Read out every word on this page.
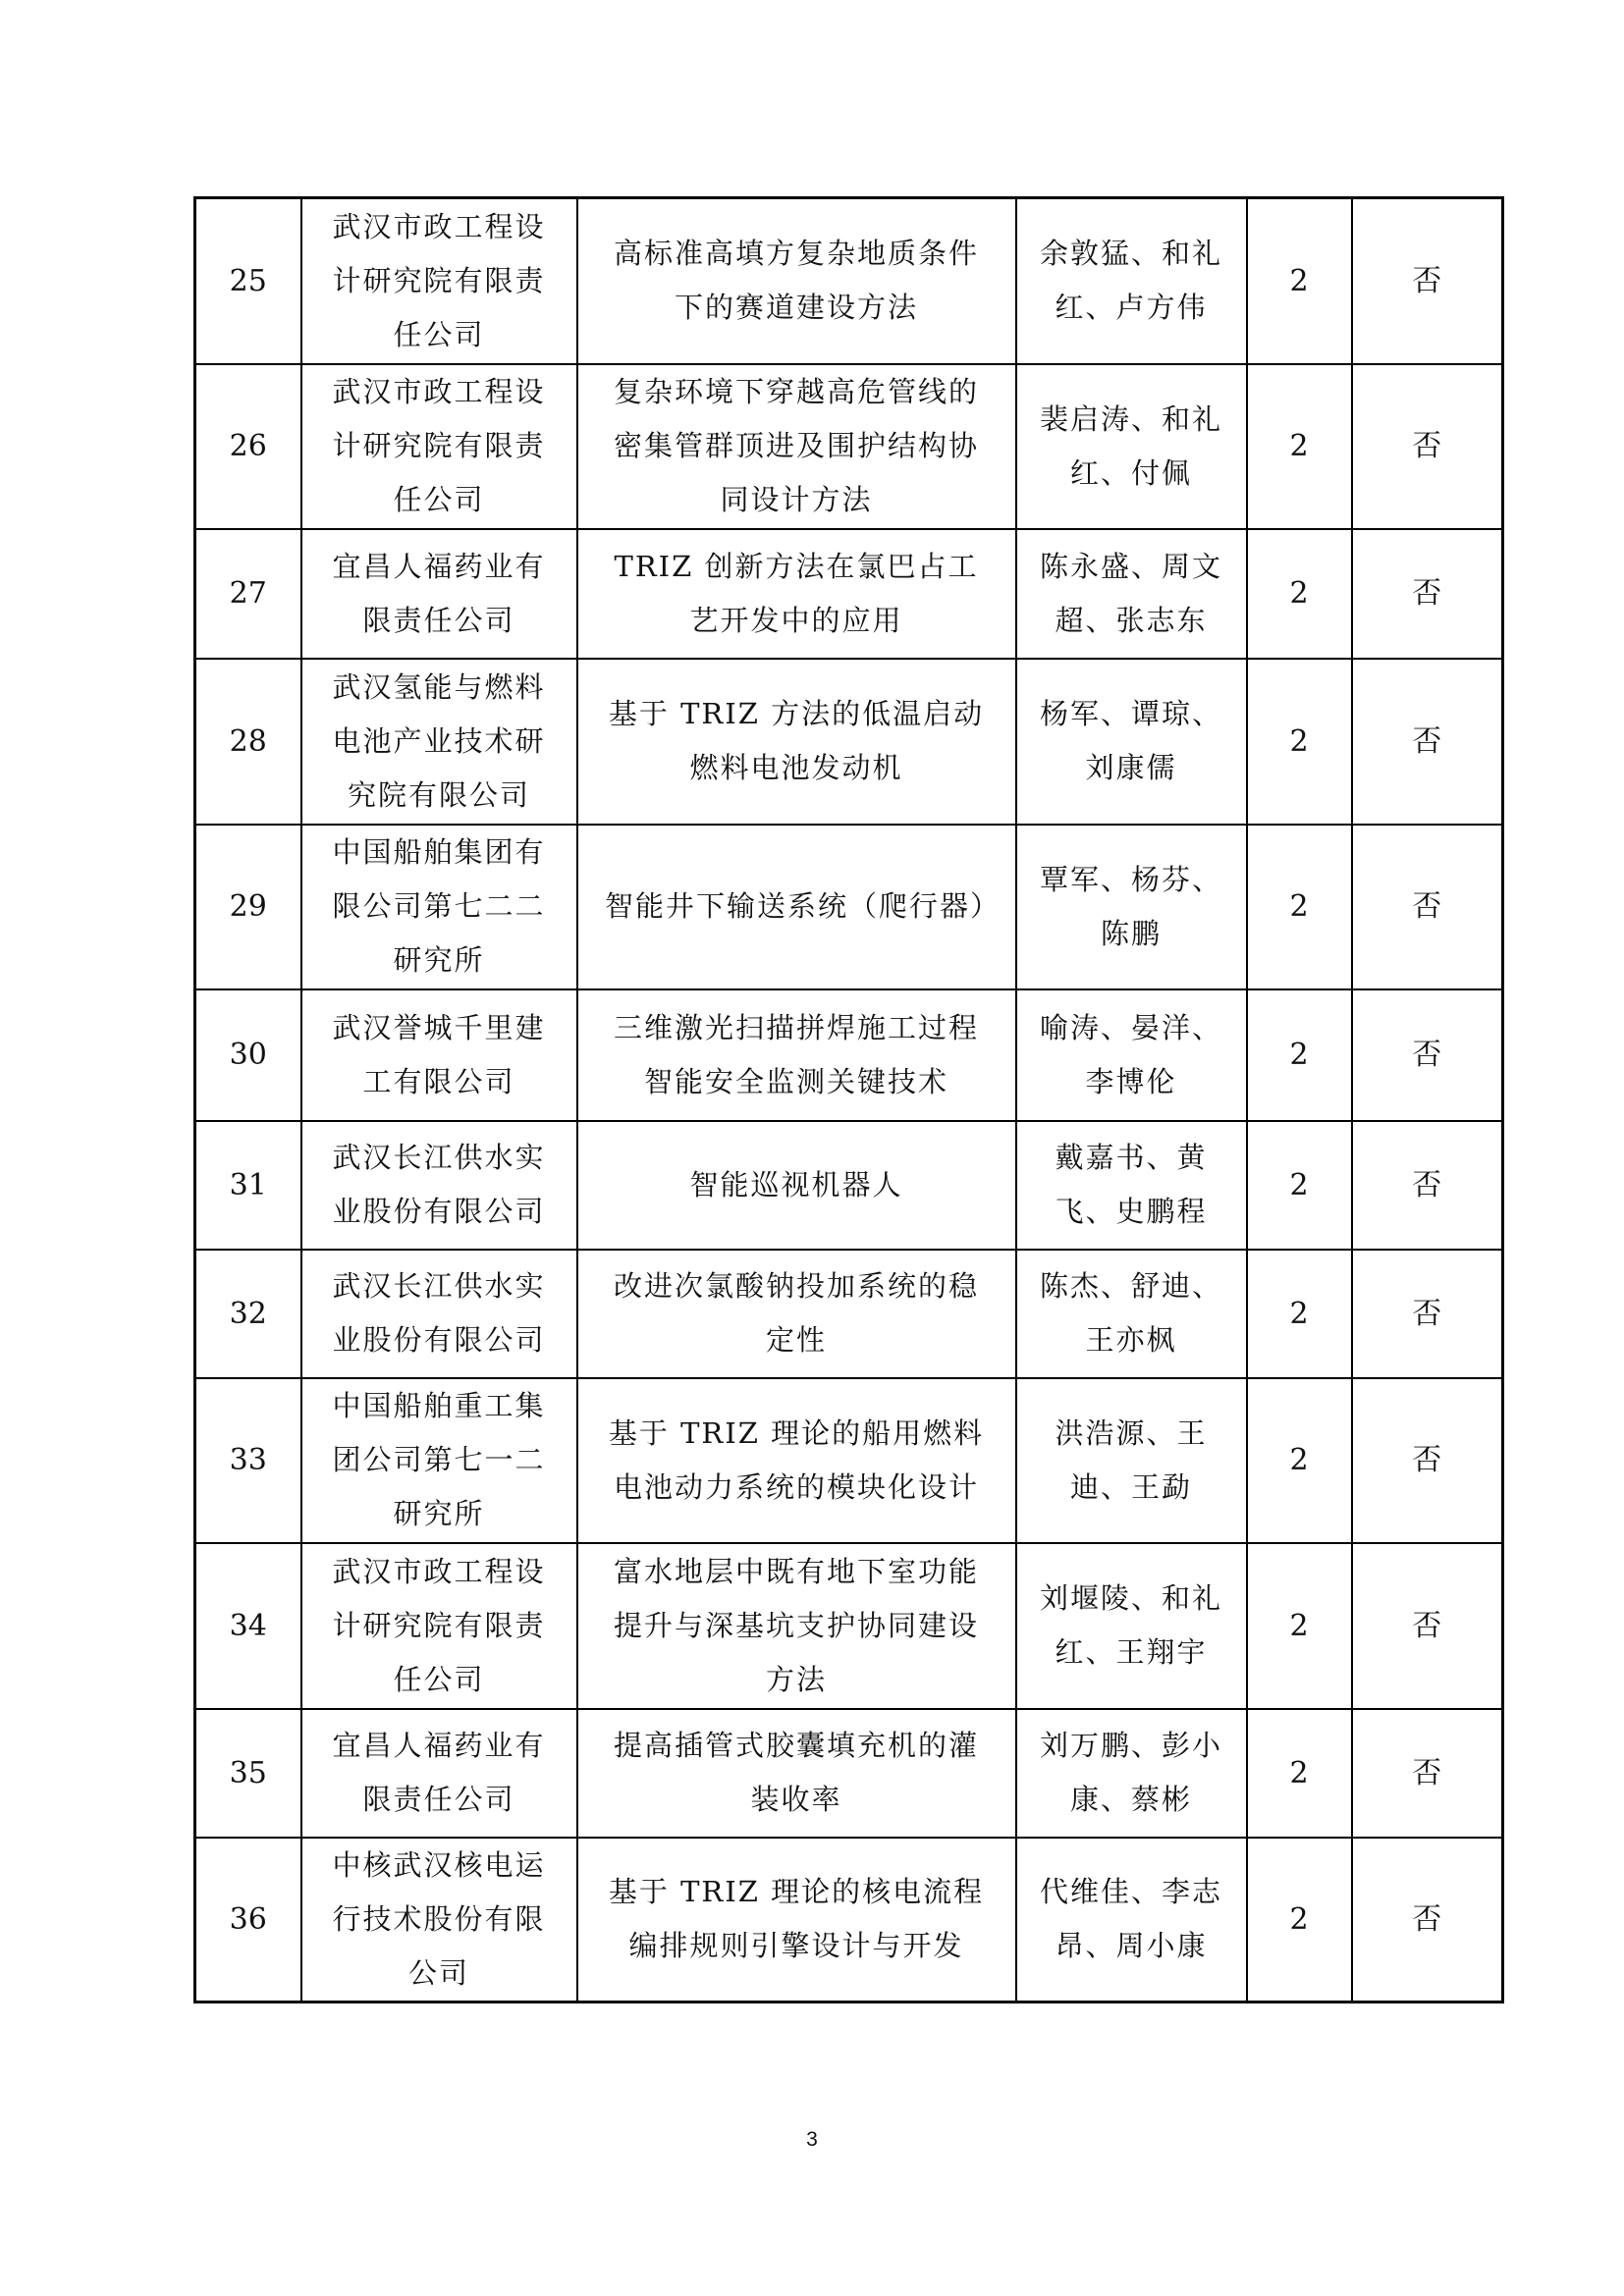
25	武汉市政工程设计研究院有限责任公司	高标准高填方复杂地质条件下的赛道建设方法	余敦猛、和礼红、卢方伟	2	否
26	武汉市政工程设计研究院有限责任公司	复杂环境下穿越高危管线的密集管群顶进及围护结构协同设计方法	裴启涛、和礼红、付佩	2	否
27	宜昌人福药业有限责任公司	TRIZ 创新方法在氯巴占工艺开发中的应用	陈永盛、周文超、张志东	2	否
28	武汉氢能与燃料电池产业技术研究院有限公司	基于 TRIZ 方法的低温启动燃料电池发动机	杨军、谭琼、刘康儒	2	否
29	中国船舶集团有限公司第七二二研究所	智能井下输送系统（爬行器）	覃军、杨芬、陈鹏	2	否
30	武汉誉城千里建工有限公司	三维激光扫描拼焊施工过程智能安全监测关键技术	喻涛、晏洋、李博伦	2	否
31	武汉长江供水实业股份有限公司	智能巡视机器人	戴嘉书、黄飞、史鹏程	2	否
32	武汉长江供水实业股份有限公司	改进次氯酸钠投加系统的稳定性	陈杰、舒迪、王亦枫	2	否
33	中国船舶重工集团公司第七一二研究所	基于 TRIZ 理论的船用燃料电池动力系统的模块化设计	洪浩源、王迪、王勐	2	否
34	武汉市政工程设计研究院有限责任公司	富水地层中既有地下室功能提升与深基坑支护协同建设方法	刘堰陵、和礼红、王翔宇	2	否
35	宜昌人福药业有限责任公司	提高插管式胶囊填充机的灌装收率	刘万鹏、彭小康、蔡彬	2	否
36	中核武汉核电运行技术股份有限公司	基于 TRIZ 理论的核电流程编排规则引擎设计与开发	代维佳、李志昂、周小康	2	否
3
